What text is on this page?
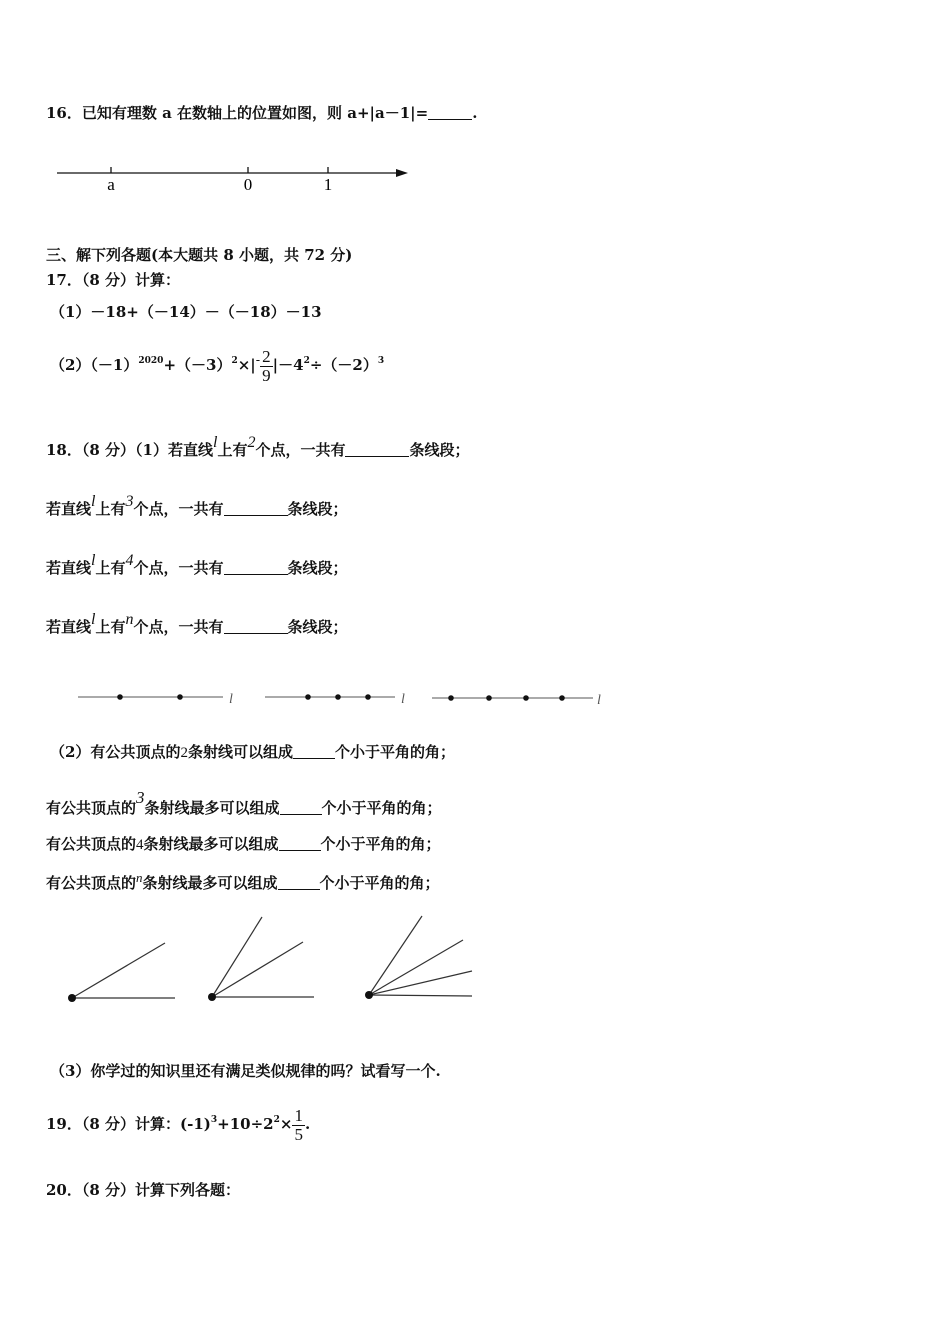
16．已知有理数 a 在数轴上的位置如图，则 a+|a－1|=	.
a	0	1
三、解下列各题(本大题共 8 小题，共 72 分)
17．（8 分）计算：
（1）－18+（－14）－（－18）－13
$(2)(-1)^{2020}+(-3)^2\times|- \frac{2}{9} |-4^2\div(-2)^3$
18．（8 分）（1）若直线l上有2个点，一共有	条线段；
若直线l上有3个点，一共有	条线段；
若直线l上有4个点，一共有	条线段；
若直线l上有n个点，一共有	条线段；
l	l	l
（2）有公共顶点的2条射线可以组成	个小于平角的角；
有公共顶点的3条射线最多可以组成	个小于平角的角；
有公共顶点的4条射线最多可以组成	个小于平角的角；
有公共顶点的n条射线最多可以组成	个小于平角的角；
（3）你学过的知识里还有满足类似规律的吗？试看写一个.
19．（8 分）计算：$(-1)^3+10\div 2^2\times \frac{1}{5}$ .
20．（8 分）计算下列各题：
